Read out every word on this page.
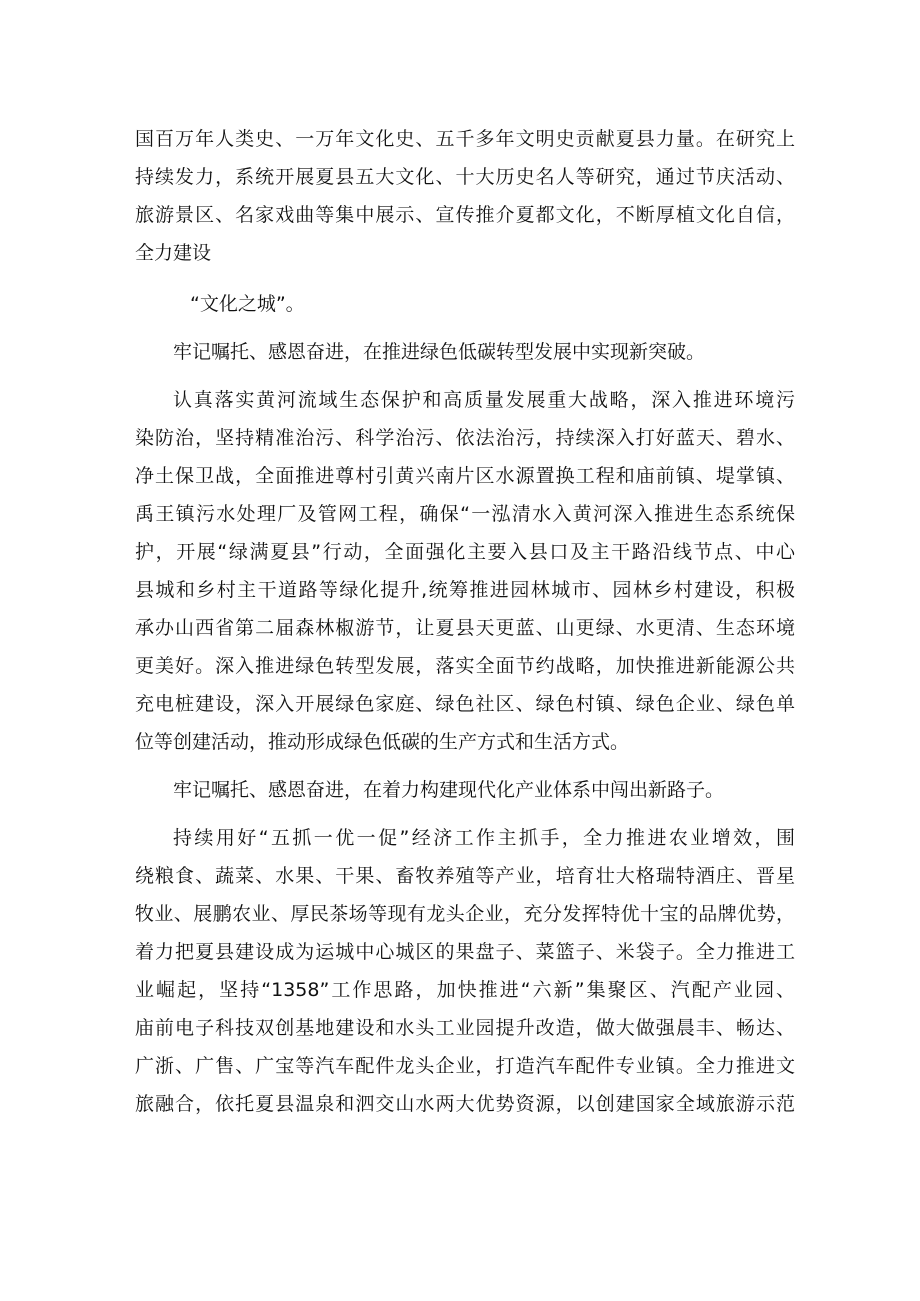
国百万年人类史、一万年文化史、五千多年文明史贡献夏县力量。在研究上
持续发力，系统开展夏县五大文化、十大历史名人等研究，通过节庆活动、
旅游景区、名家戏曲等集中展示、宣传推介夏都文化，不断厚植文化自信，
全力建设
“文化之城”。
牢记嘱托、感恩奋进，在推进绿色低碳转型发展中实现新突破。
认真落实黄河流域生态保护和高质量发展重大战略，深入推进环境污
染防治，坚持精准治污、科学治污、依法治污，持续深入打好蓝天、碧水、
净土保卫战，全面推进尊村引黄兴南片区水源置换工程和庙前镇、堤掌镇、
禹王镇污水处理厂及管网工程，确保“一泓清水入黄河深入推进生态系统保
护，开展“绿满夏县”行动，全面强化主要入县口及主干路沿线节点、中心
县城和乡村主干道路等绿化提升,统筹推进园林城市、园林乡村建设，积极
承办山西省第二届森林椒游节，让夏县天更蓝、山更绿、水更清、生态环境
更美好。深入推进绿色转型发展，落实全面节约战略，加快推进新能源公共
充电桩建设，深入开展绿色家庭、绿色社区、绿色村镇、绿色企业、绿色单
位等创建活动，推动形成绿色低碳的生产方式和生活方式。
牢记嘱托、感恩奋进，在着力构建现代化产业体系中闯出新路子。
持续用好“五抓一优一促”经济工作主抓手，全力推进农业增效，围
绕粮食、蔬菜、水果、干果、畜牧养殖等产业，培育壮大格瑞特酒庄、晋星
牧业、展鹏农业、厚民茶场等现有龙头企业，充分发挥特优十宝的品牌优势，
着力把夏县建设成为运城中心城区的果盘子、菜篮子、米袋子。全力推进工
业崛起，坚持“1358”工作思路，加快推进“六新”集聚区、汽配产业园、
庙前电子科技双创基地建设和水头工业园提升改造，做大做强晨丰、畅达、
广浙、广售、广宝等汽车配件龙头企业，打造汽车配件专业镇。全力推进文
旅融合，依托夏县温泉和泗交山水两大优势资源，以创建国家全域旅游示范
